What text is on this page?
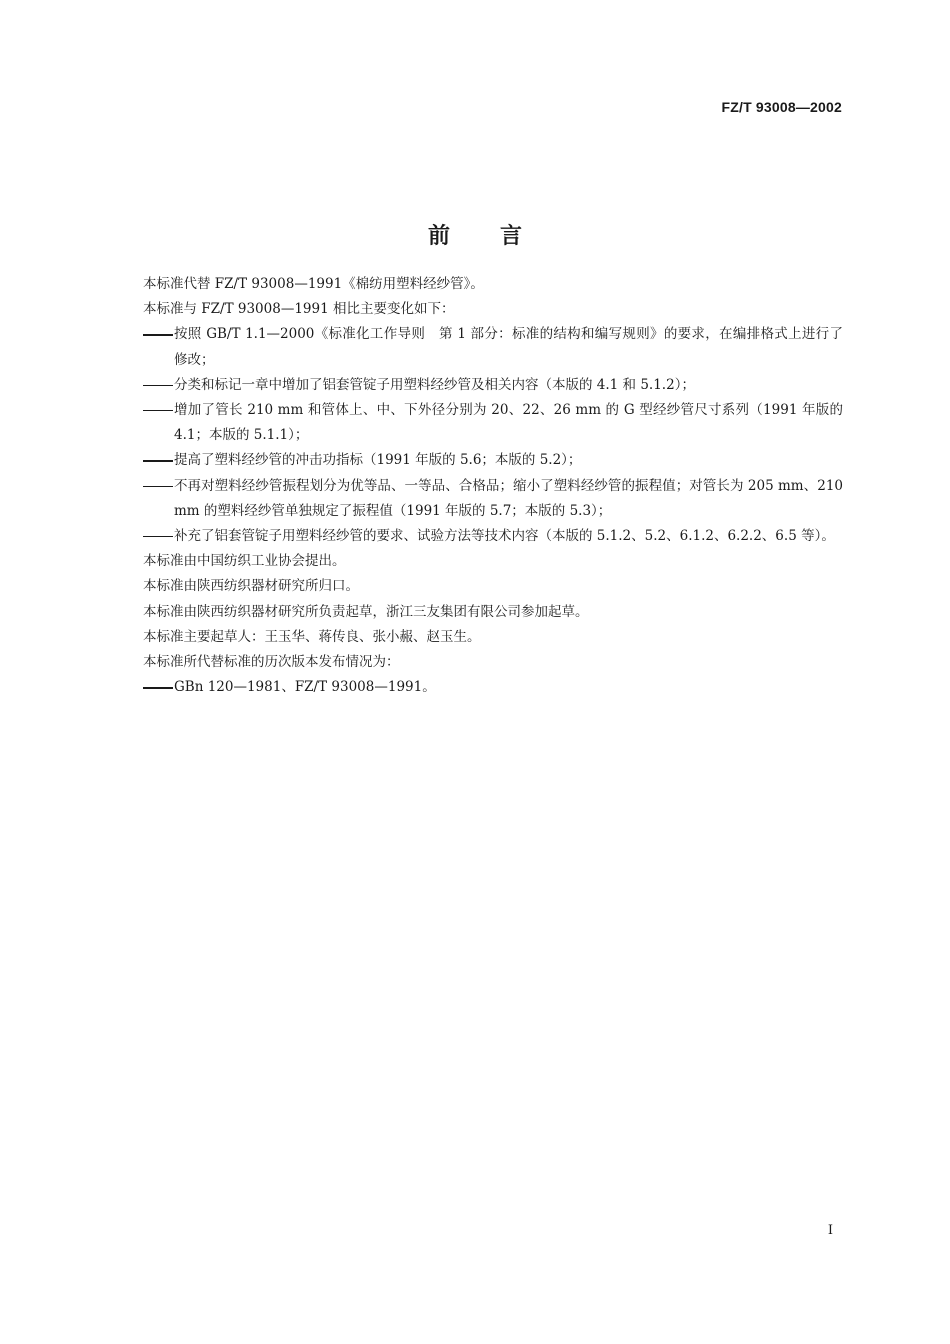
FZ/T 93008—2002
前言

本标准代替 FZ/T 93008—1991《棉纺用塑料经纱管》。

本标准与 FZ/T 93008—1991 相比主要变化如下：

按照 GB/T 1.1—2000《标准化工作导则　第 1 部分：标准的结构和编写规则》的要求，在编排格式上进行了修改；
分类和标记一章中增加了铝套管锭子用塑料经纱管及相关内容（本版的 4.1 和 5.1.2）；
增加了管长 210 mm 和管体上、中、下外径分别为 20、22、26 mm 的 G 型经纱管尺寸系列（1991 年版的 4.1；本版的 5.1.1）；
提高了塑料经纱管的冲击功指标（1991 年版的 5.6；本版的 5.2）；
不再对塑料经纱管振程划分为优等品、一等品、合格品；缩小了塑料经纱管的振程值；对管长为 205 mm、210 mm 的塑料经纱管单独规定了振程值（1991 年版的 5.7；本版的 5.3）；
补充了铝套管锭子用塑料经纱管的要求、试验方法等技术内容（本版的 5.1.2、5.2、6.1.2、6.2.2、6.5 等）。

本标准由中国纺织工业协会提出。

本标准由陕西纺织器材研究所归口。

本标准由陕西纺织器材研究所负责起草，浙江三友集团有限公司参加起草。

本标准主要起草人：王玉华、蒋传良、张小赧、赵玉生。

本标准所代替标准的历次版本发布情况为：

GBn 120—1981、FZ/T 93008—1991。
I
